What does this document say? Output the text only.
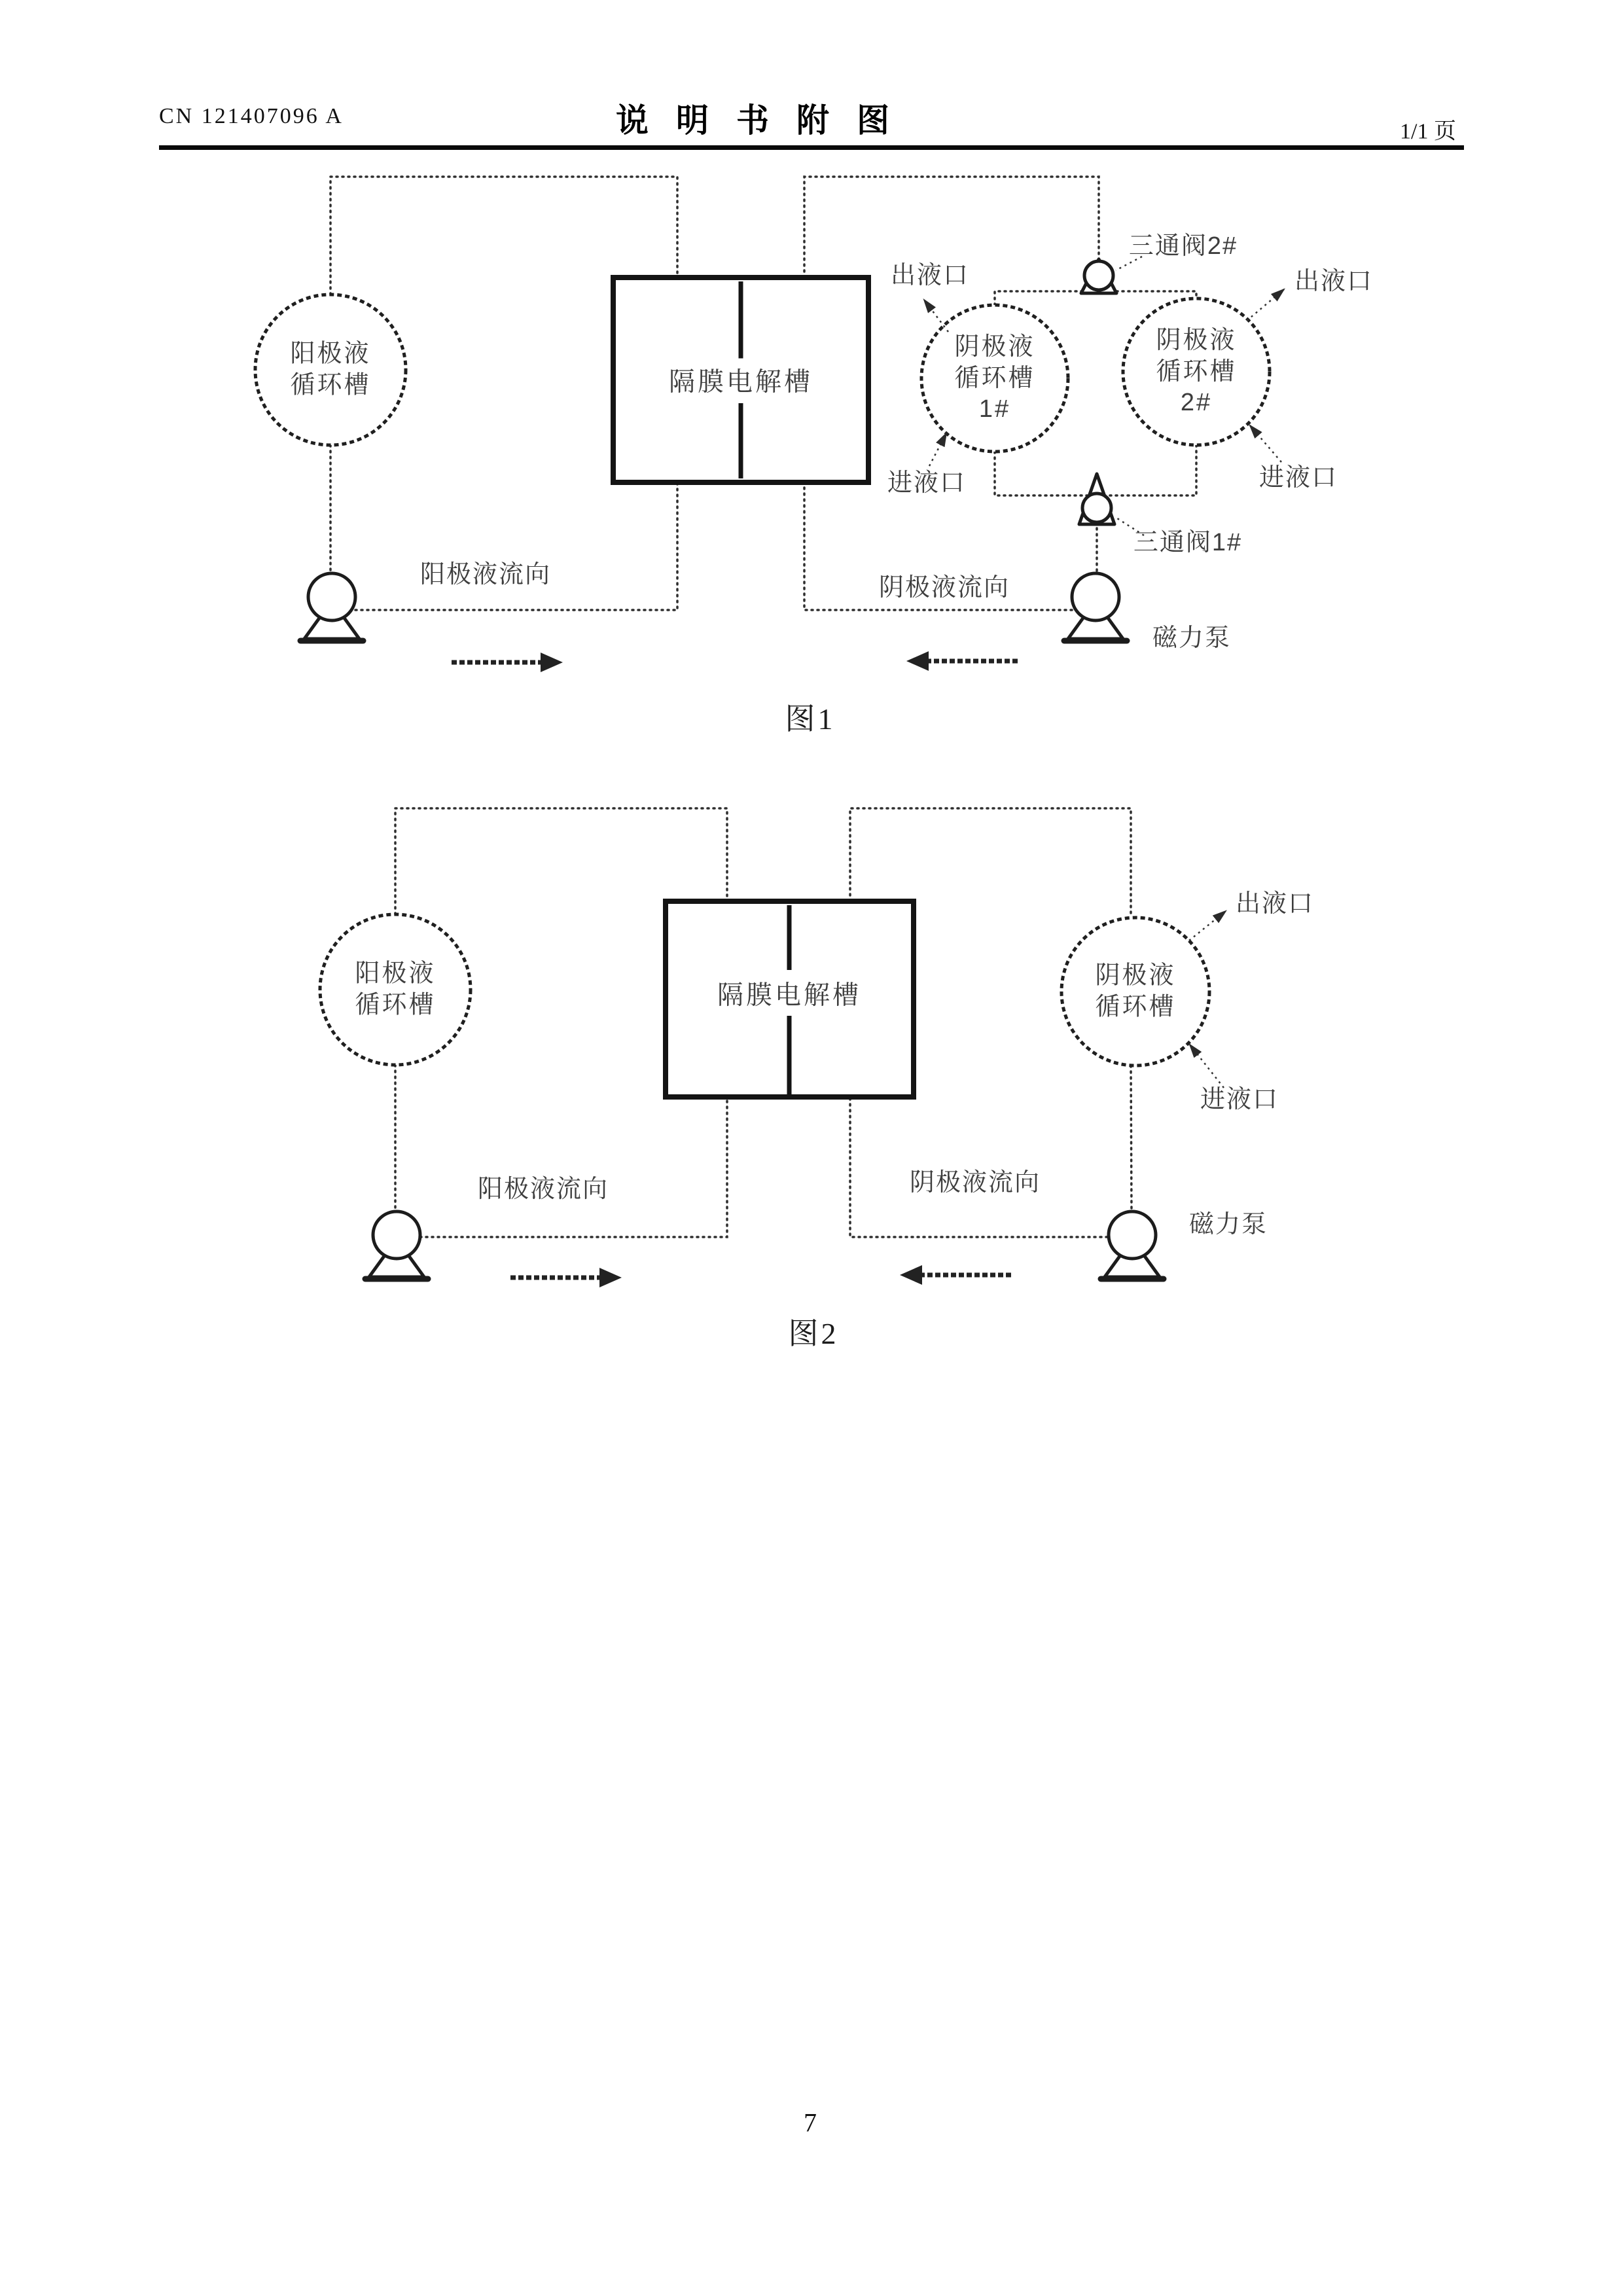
CN 121407096 A	说明书附图	1/1 页
阳极液
循环槽	隔膜电解槽
阴极液
循环槽
1#
阴极液
循环槽
2#
出液口
三通阀2#
出液口
进液口	进液口
三通阀1#
阳极液流向	阴极液流向
磁力泵
图1
阳极液
循环槽	隔膜电解槽
阴极液
循环槽
出液口
进液口
阳极液流向	阴极液流向
磁力泵
图2
7
